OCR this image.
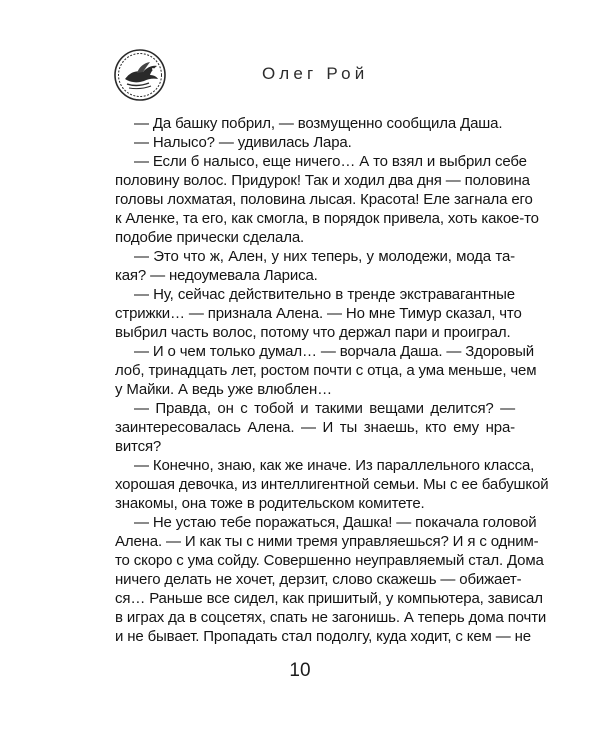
Олег Рой
— Да башку побрил, — возмущенно сообщила Даша.
— Налысо? — удивилась Лара.
— Если б налысо, еще ничего… А то взял и выбрил себе
половину волос. Придурок! Так и ходил два дня — половина
головы лохматая, половина лысая. Красота! Еле загнала его
к Аленке, та его, как смогла, в порядок привела, хоть какое-то
подобие прически сделала.
— Это что ж, Ален, у них теперь, у молодежи, мода та-
кая? — недоумевала Лариса.
— Ну, сейчас действительно в тренде экстравагантные
стрижки… — признала Алена. — Но мне Тимур сказал, что
выбрил часть волос, потому что держал пари и проиграл.
— И о чем только думал… — ворчала Даша. — Здоровый
лоб, тринадцать лет, ростом почти с отца, а ума меньше, чем
у Майки. А ведь уже влюблен…
— Правда, он с тобой и такими вещами делится? —
заинтересовалась Алена. — И ты знаешь, кто ему нра-
вится?
— Конечно, знаю, как же иначе. Из параллельного класса,
хорошая девочка, из интеллигентной семьи. Мы с ее бабушкой
знакомы, она тоже в родительском комитете.
— Не устаю тебе поражаться, Дашка! — покачала головой
Алена. — И как ты с ними тремя управляешься? И я с одним-
то скоро с ума сойду. Совершенно неуправляемый стал. Дома
ничего делать не хочет, дерзит, слово скажешь — обижает-
ся… Раньше все сидел, как пришитый, у компьютера, зависал
в играх да в соцсетях, спать не загонишь. А теперь дома почти
и не бывает. Пропадать стал подолгу, куда ходит, с кем — не
10
